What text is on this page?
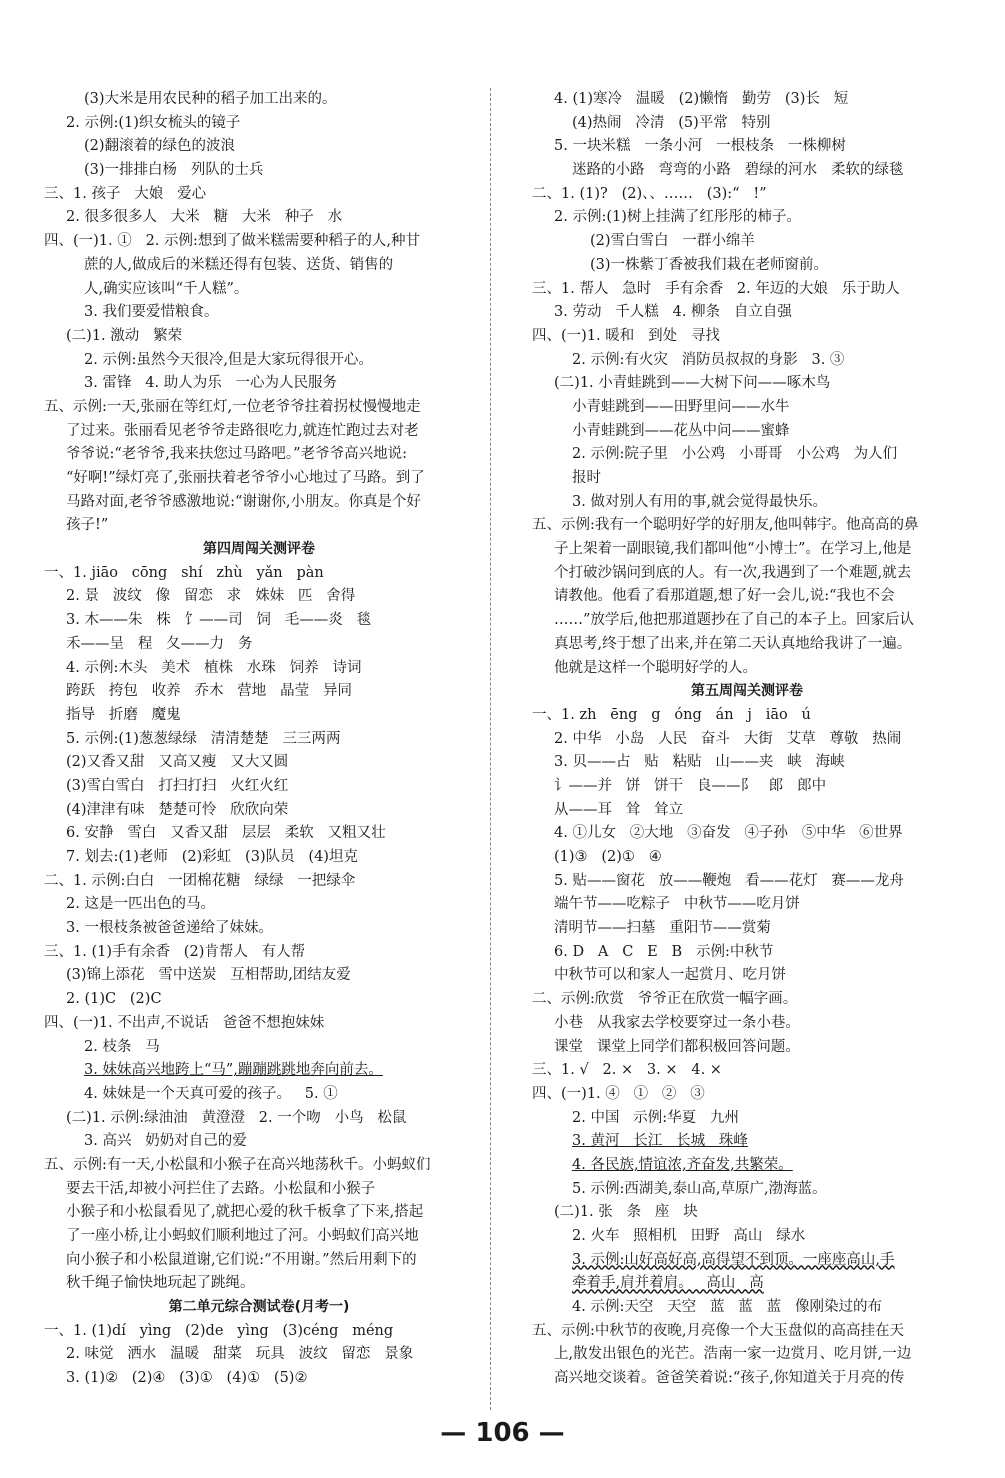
(3)大米是用农民种的稻子加工出来的。
2. 示例:(1)织女梳头的镜子
(2)翻滚着的绿色的波浪
(3)一排排白杨   列队的士兵
三、1. 孩子   大娘   爱心
2. 很多很多人   大米   糖   大米   种子   水
四、(一)1. ①   2. 示例:想到了做米糕需要种稻子的人,种甘
蔗的人,做成后的米糕还得有包装、送货、销售的
人,确实应该叫“千人糕”。
3. 我们要爱惜粮食。
(二)1. 激动   繁荣
2. 示例:虽然今天很冷,但是大家玩得很开心。
3. 雷锋   4. 助人为乐   一心为人民服务
五、示例:一天,张丽在等红灯,一位老爷爷拄着拐杖慢慢地走
了过来。张丽看见老爷爷走路很吃力,就连忙跑过去对老
爷爷说:“老爷爷,我来扶您过马路吧。”老爷爷高兴地说:
“好啊!”绿灯亮了,张丽扶着老爷爷小心地过了马路。到了
马路对面,老爷爷感激地说:“谢谢你,小朋友。你真是个好
孩子!”
第四周闯关测评卷
一、1. jiāo   cōng   shí   zhù   yǎn   pàn
2. 景   波纹   像   留恋   求   姝妹   匹   舍得
3. 木——朱   株   饣——司   饲   毛——炎   毯
禾——呈   程   夂——力   务
4. 示例:木头   美术   植株   水珠   饲养   诗词
跨跃   挎包   收养   乔木   营地   晶莹   异同
指导   折磨   魔鬼
5. 示例:(1)葱葱绿绿   清清楚楚   三三两两
(2)又香又甜   又高又瘦   又大又圆
(3)雪白雪白   打扫打扫   火红火红
(4)津津有味   楚楚可怜   欣欣向荣
6. 安静   雪白   又香又甜   层层   柔软   又粗又壮
7. 划去:(1)老师   (2)彩虹   (3)队员   (4)坦克
二、1. 示例:白白   一团棉花糖   绿绿   一把绿伞
2. 这是一匹出色的马。
3. 一根枝条被爸爸递给了妹妹。
三、1. (1)手有余香   (2)肯帮人   有人帮
(3)锦上添花   雪中送炭   互相帮助,团结友爱
2. (1)C   (2)C
四、(一)1. 不出声,不说话   爸爸不想抱妹妹
2. 枝条   马
3. 妹妹高兴地跨上“马”,蹦蹦跳跳地奔向前去。
4. 妹妹是一个天真可爱的孩子。   5. ①
(二)1. 示例:绿油油   黄澄澄   2. 一个吻   小鸟   松鼠
3. 高兴   奶奶对自己的爱
五、示例:有一天,小松鼠和小猴子在高兴地荡秋千。小蚂蚁们
要去干活,却被小河拦住了去路。小松鼠和小猴子
小猴子和小松鼠看见了,就把心爱的秋千板拿了下来,搭起
了一座小桥,让小蚂蚁们顺利地过了河。小蚂蚁们高兴地
向小猴子和小松鼠道谢,它们说:“不用谢。”然后用剩下的
秋千绳子愉快地玩起了跳绳。
第二单元综合测试卷(月考一)
一、1. (1)dí   yìng   (2)de   yìng   (3)céng   méng
2. 味觉   洒水   温暖   甜菜   玩具   波纹   留恋   景象
3. (1)②   (2)④   (3)①   (4)①   (5)②
4. (1)寒冷   温暖   (2)懒惰   勤劳   (3)长   短
(4)热闹   冷清   (5)平常   特别
5. 一块米糕   一条小河   一根枝条   一株柳树
迷路的小路   弯弯的小路   碧绿的河水   柔软的绿毯
二、1. (1)?   (2)、、……   (3):“   !”
2. 示例:(1)树上挂满了红彤彤的柿子。
(2)雪白雪白   一群小绵羊
(3)一株紫丁香被我们栽在老师窗前。
三、1. 帮人   急时   手有余香   2. 年迈的大娘   乐于助人
3. 劳动   千人糕   4. 柳条   自立自强
四、(一)1. 暖和   到处   寻找
2. 示例:有火灾   消防员叔叔的身影   3. ③
(二)1. 小青蛙跳到——大树下问——啄木鸟
小青蛙跳到——田野里问——水牛
小青蛙跳到——花丛中问——蜜蜂
2. 示例:院子里   小公鸡   小哥哥   小公鸡   为人们
报时
3. 做对别人有用的事,就会觉得最快乐。
五、示例:我有一个聪明好学的好朋友,他叫韩宇。他高高的鼻
子上架着一副眼镜,我们都叫他“小博士”。在学习上,他是
个打破沙锅问到底的人。有一次,我遇到了一个难题,就去
请教他。他看了看那道题,想了好一会儿,说:“我也不会
……”放学后,他把那道题抄在了自己的本子上。回家后认
真思考,终于想了出来,并在第二天认真地给我讲了一遍。
他就是这样一个聪明好学的人。
第五周闯关测评卷
一、1. zh   ēng   g   óng   án   j   iāo   ú
2. 中华   小岛   人民   奋斗   大街   艾草   尊敬   热闹
3. 贝——占   贴   粘贴   山——夹   峡   海峡
讠——并   饼   饼干   良——阝   郎   郎中
从——耳   耸   耸立
4. ①儿女   ②大地   ③奋发   ④子孙   ⑤中华   ⑥世界
(1)③   (2)①   ④
5. 贴——窗花   放——鞭炮   看——花灯   赛——龙舟
端午节——吃粽子   中秋节——吃月饼
清明节——扫墓   重阳节——赏菊
6. D   A   C   E   B   示例:中秋节
中秋节可以和家人一起赏月、吃月饼
二、示例:欣赏   爷爷正在欣赏一幅字画。
小巷   从我家去学校要穿过一条小巷。
课堂   课堂上同学们都积极回答问题。
三、1. √   2. ×   3. ×   4. ×
四、(一)1. ④   ①   ②   ③
2. 中国   示例:华夏   九州
3. 黄河   长江   长城   珠峰
4. 各民族,情谊浓,齐奋发,共繁荣。
5. 示例:西湖美,泰山高,草原广,渤海蓝。
(二)1. 张   条   座   块
2. 火车   照相机   田野   高山   绿水
3. 示例:山好高好高,高得望不到顶。一座座高山,手
牵着手,肩并着肩。   高山   高
4. 示例:天空   天空   蓝   蓝   蓝   像刚染过的布
五、示例:中秋节的夜晚,月亮像一个大玉盘似的高高挂在天
上,散发出银色的光芒。浩南一家一边赏月、吃月饼,一边
高兴地交谈着。爸爸笑着说:“孩子,你知道关于月亮的传
— 106 —
